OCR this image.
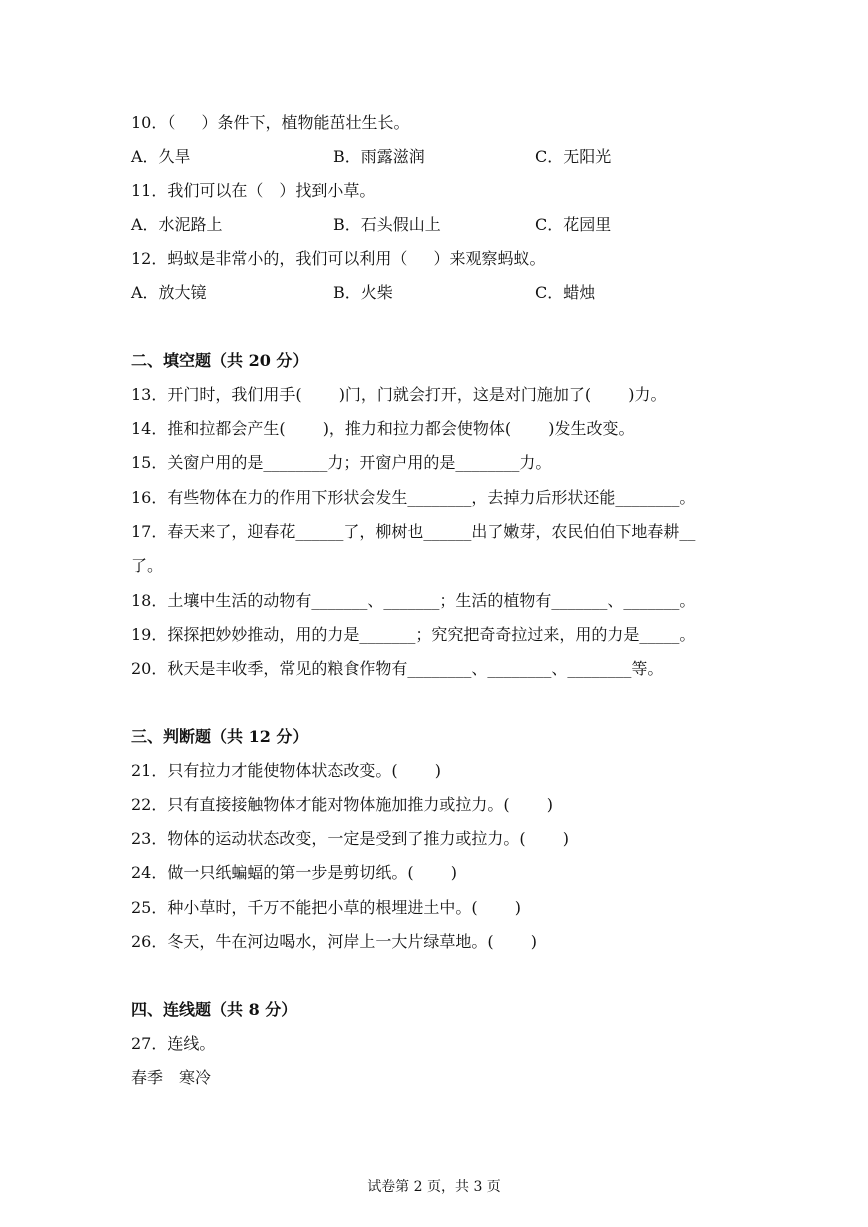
10．（　  ）条件下，植物能茁壮生长。
A．久旱	B．雨露滋润	C．无阳光
11．我们可以在（　）找到小草。
A．水泥路上	B．石头假山上	C．花园里
12．蚂蚁是非常小的，我们可以利用（　  ）来观察蚂蚁。
A．放大镜	B．火柴	C．蜡烛
二、填空题（共 20 分）
13．开门时，我们用手(　　 )门，门就会打开，这是对门施加了(　　 )力。
14．推和拉都会产生(　　 )，推力和拉力都会使物体(　　 )发生改变。
15．关窗户用的是________力；开窗户用的是________力。
16．有些物体在力的作用下形状会发生________，去掉力后形状还能________。
17．春天来了，迎春花______了，柳树也______出了嫩芽，农民伯伯下地春耕__
了。
18．土壤中生活的动物有_______、_______；生活的植物有_______、_______。
19．探探把妙妙推动，用的力是_______；究究把奇奇拉过来，用的力是_____。
20．秋天是丰收季，常见的粮食作物有________、________、________等。
三、判断题（共 12 分）
21．只有拉力才能使物体状态改变。(　　 )
22．只有直接接触物体才能对物体施加推力或拉力。(　　 )
23．物体的运动状态改变，一定是受到了推力或拉力。(　　 )
24．做一只纸蝙蝠的第一步是剪切纸。(　　 )
25．种小草时，千万不能把小草的根埋进土中。(　　 )
26．冬天，牛在河边喝水，河岸上一大片绿草地。(　　 )
四、连线题（共 8 分）
27．连线。
春季　寒冷
试卷第 2 页，共 3 页
